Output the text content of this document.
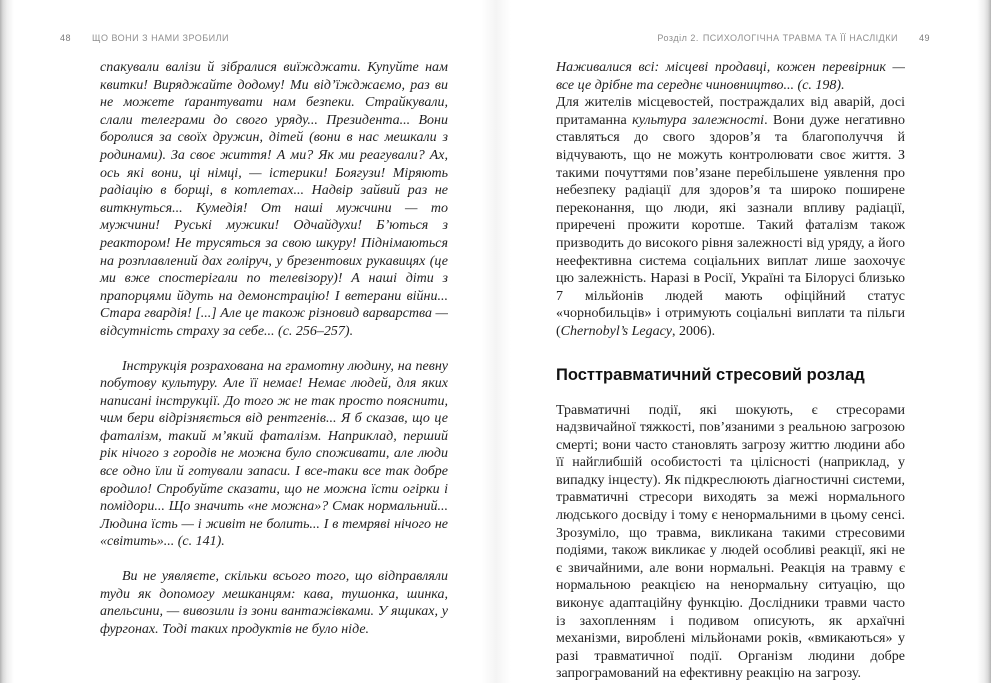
48 ЩО ВОНИ З НАМИ ЗРОБИЛИ

спакували валізи й зібралися виїжджати. Купуйте нам квитки! Виряджайте додому! Ми від’їжджаємо, раз ви не можете ґарантувати нам безпеки. Страйкували, слали телеграми до свого уряду... Президента... Вони боролися за своїх дружин, дітей (вони в нас мешкали з родинами). За своє життя! А ми? Як ми реагували? Ах, ось які вони, ці німці, — істерики! Боягузи! Міряють радіацію в борщі, в котлетах... Надвір зайвий раз не виткнуться... Кумедія! От наші мужчини — то мужчини! Руські мужики! Одчайдухи! Б’ються з реактором! Не трусяться за свою шкуру! Піднімаються на розплавлений дах голіруч, у брезентових рукавицях (це ми вже спостерігали по телевізору)! А наші діти з прапорцями йдуть на демонстрацію! І ветерани війни... Стара гвардія! [...] Але це також різновид варварства — відсутність страху за себе... (с. 256–257).

Інструкція розрахована на грамотну людину, на певну побутову культуру. Але її немає! Немає людей, для яких написані інструкції. До того ж не так просто пояснити, чим бери відрізняється від рентгенів... Я б сказав, що це фаталізм, такий м’який фаталізм. Наприклад, перший рік нічого з городів не можна було споживати, але люди все одно їли й готували запаси. І все-таки все так добре вродило! Спробуйте сказати, що не можна їсти огірки і помідори... Що значить «не можна»? Смак нормальний... Людина їсть — і живіт не болить... І в темряві нічого не «світить»... (с. 141).

Ви не уявляєте, скільки всього того, що відправляли туди як допомогу мешканцям: кава, тушонка, шинка, апельсини, — вивозили із зони вантажівками. У ящиках, у фургонах. Тоді таких продуктів не було ніде.

Розділ 2. ПСИХОЛОГІЧНА ТРАВМА ТА ЇЇ НАСЛІДКИ 49

Наживалися всі: місцеві продавці, кожен перевірник — все це дрібне та середнє чиновництво... (с. 198).

Для жителів місцевостей, постраждалих від аварій, досі притаманна культура залежності. Вони дуже негативно ставляться до свого здоров’я та благополуччя й відчувають, що не можуть контролювати своє життя. З такими почуттями пов’язане перебільшене уявлення про небезпеку радіації для здоров’я та широко поширене переконання, що люди, які зазнали впливу радіації, приречені прожити коротше. Такий фаталізм також призводить до високого рівня залежності від уряду, а його неефективна система соціальних виплат лише заохочує цю залежність. Наразі в Росії, Україні та Білорусі близько 7 мільйонів людей мають офіційний статус «чорнобильців» і отримують соціальні виплати та пільги (Chernobyl’s Legacy, 2006).

Посттравматичний стресовий розлад

Травматичні події, які шокують, є стресорами надзвичайної тяжкості, пов’язаними з реальною загрозою смерті; вони часто становлять загрозу життю людини або її найглибшій особистості та цілісності (наприклад, у випадку інцесту). Як підкреслюють діагностичні системи, травматичні стресори виходять за межі нормального людського досвіду і тому є ненормальними в цьому сенсі. Зрозуміло, що травма, викликана такими стресовими подіями, також викликає у людей особливі реакції, які не є звичайними, але вони нормальні. Реакція на травму є нормальною реакцією на ненормальну ситуацію, що виконує адаптаційну функцію. Дослідники травми часто із захопленням і подивом описують, як архаїчні механізми, вироблені мільйонами років, «вмикаються» у разі травматичної події. Організм людини добре запрограмований на ефективну реакцію на загрозу.
